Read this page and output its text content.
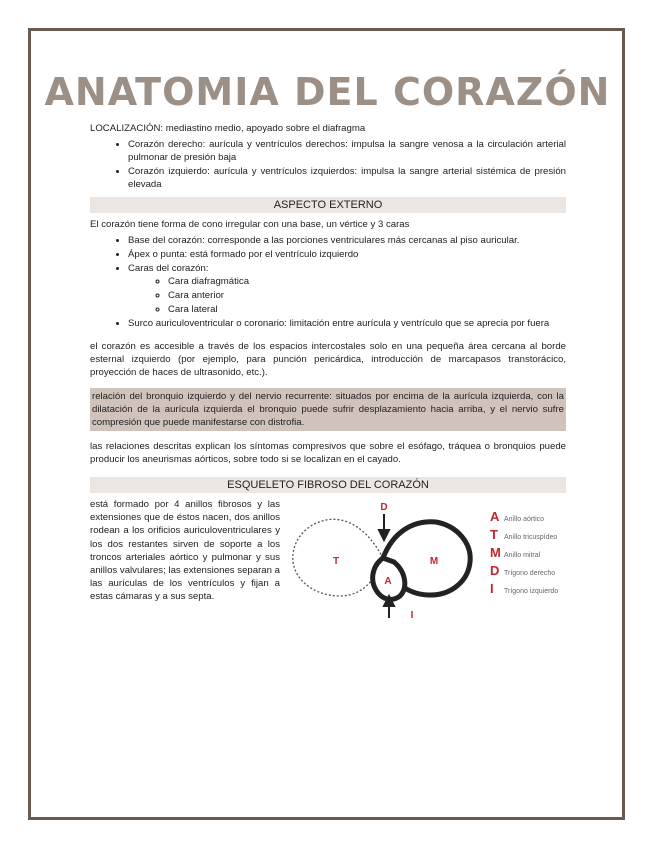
ANATOMIA DEL CORAZÓN

LOCALIZACIÓN: mediastino medio, apoyado sobre el diafragma

• Corazón derecho: aurícula y ventrículos derechos: impulsa la sangre venosa a la circulación arterial pulmonar de presión baja
• Corazón izquierdo: aurícula y ventrículos izquierdos: impulsa la sangre arterial sistémica de presión elevada
ASPECTO EXTERNO

El corazón tiene forma de cono irregular con una base, un vértice y 3 caras

• Base del corazón: corresponde a las porciones ventriculares más cercanas al piso auricular.
• Ápex o punta: está formado por el ventrículo izquierdo
• Caras del corazón:
◦ Cara diafragmática
◦ Cara anterior
◦ Cara lateral
• Surco auriculoventricular o coronario: limitación entre aurícula y ventrículo que se aprecia por fuera

el corazón es accesible a través de los espacios intercostales solo en una pequeña área cercana al borde esternal izquierdo (por ejemplo, para punción pericárdica, introducción de marcapasos transtorácico, proyección de haces de ultrasonido, etc.).

relación del bronquio izquierdo y del nervio recurrente: situados por encima de la aurícula izquierda, con la dilatación de la aurícula izquierda el bronquio puede sufrir desplazamiento hacia arriba, y el nervio sufre compresión que puede manifestarse con distrofia.

las relaciones descritas explican los síntomas compresivos que sobre el esófago, tráquea o bronquios puede producir los aneurismas aórticos, sobre todo si se localizan en el cayado.

ESQUELETO FIBROSO DEL CORAZÓN

está formado por 4 anillos fibrosos y las extensiones que de éstos nacen, dos anillos rodean a los orificios auriculoventriculares y los dos restantes sirven de soporte a los troncos arteriales aórtico y pulmonar y sus anillos valvulares; las extensiones separan a las aurículas de los ventrículos y fijan a estas cámaras y a sus septa.

D
T	M
A
I
A Anillo aórtico
T Anillo tricuspídeo
M Anillo mitral
D Trígono derecho
I Trígono izquierdo
